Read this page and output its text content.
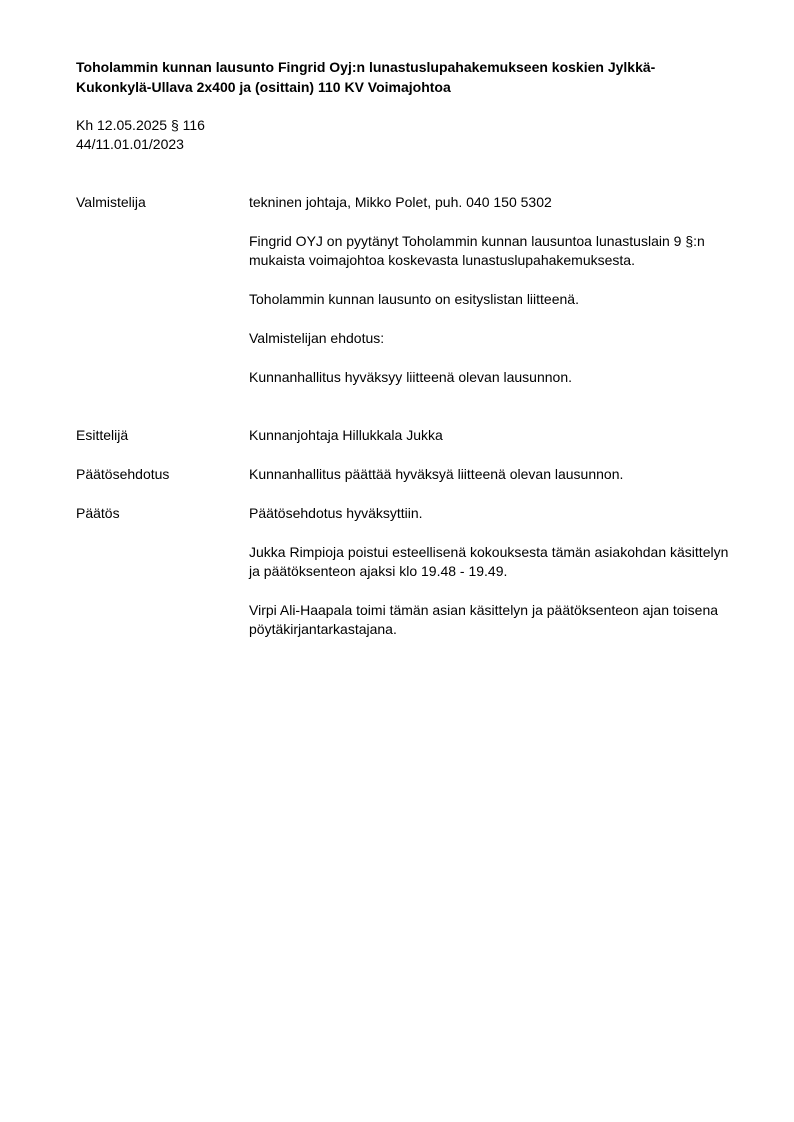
Toholammin kunnan lausunto Fingrid Oyj:n lunastuslupahakemukseen koskien Jylkkä-
Kukonkylä-Ullava 2x400 ja (osittain) 110 KV Voimajohtoa
Kh 12.05.2025 § 116
44/11.01.01/2023
Valmistelija	tekninen johtaja, Mikko Polet, puh. 040 150 5302
Fingrid OYJ on pyytänyt Toholammin kunnan lausuntoa lunastuslain 9 §:n
mukaista voimajohtoa koskevasta lunastuslupahakemuksesta.
Toholammin kunnan lausunto on esityslistan liitteenä.
Valmistelijan ehdotus:
Kunnanhallitus hyväksyy liitteenä olevan lausunnon.
Esittelijä	Kunnanjohtaja Hillukkala Jukka
Päätösehdotus	Kunnanhallitus päättää hyväksyä liitteenä olevan lausunnon.
Päätös	Päätösehdotus hyväksyttiin.
Jukka Rimpioja poistui esteellisenä kokouksesta tämän asiakohdan käsittelyn
ja päätöksenteon ajaksi klo 19.48 - 19.49.
Virpi Ali-Haapala toimi tämän asian käsittelyn ja päätöksenteon ajan toisena
pöytäkirjantarkastajana.
